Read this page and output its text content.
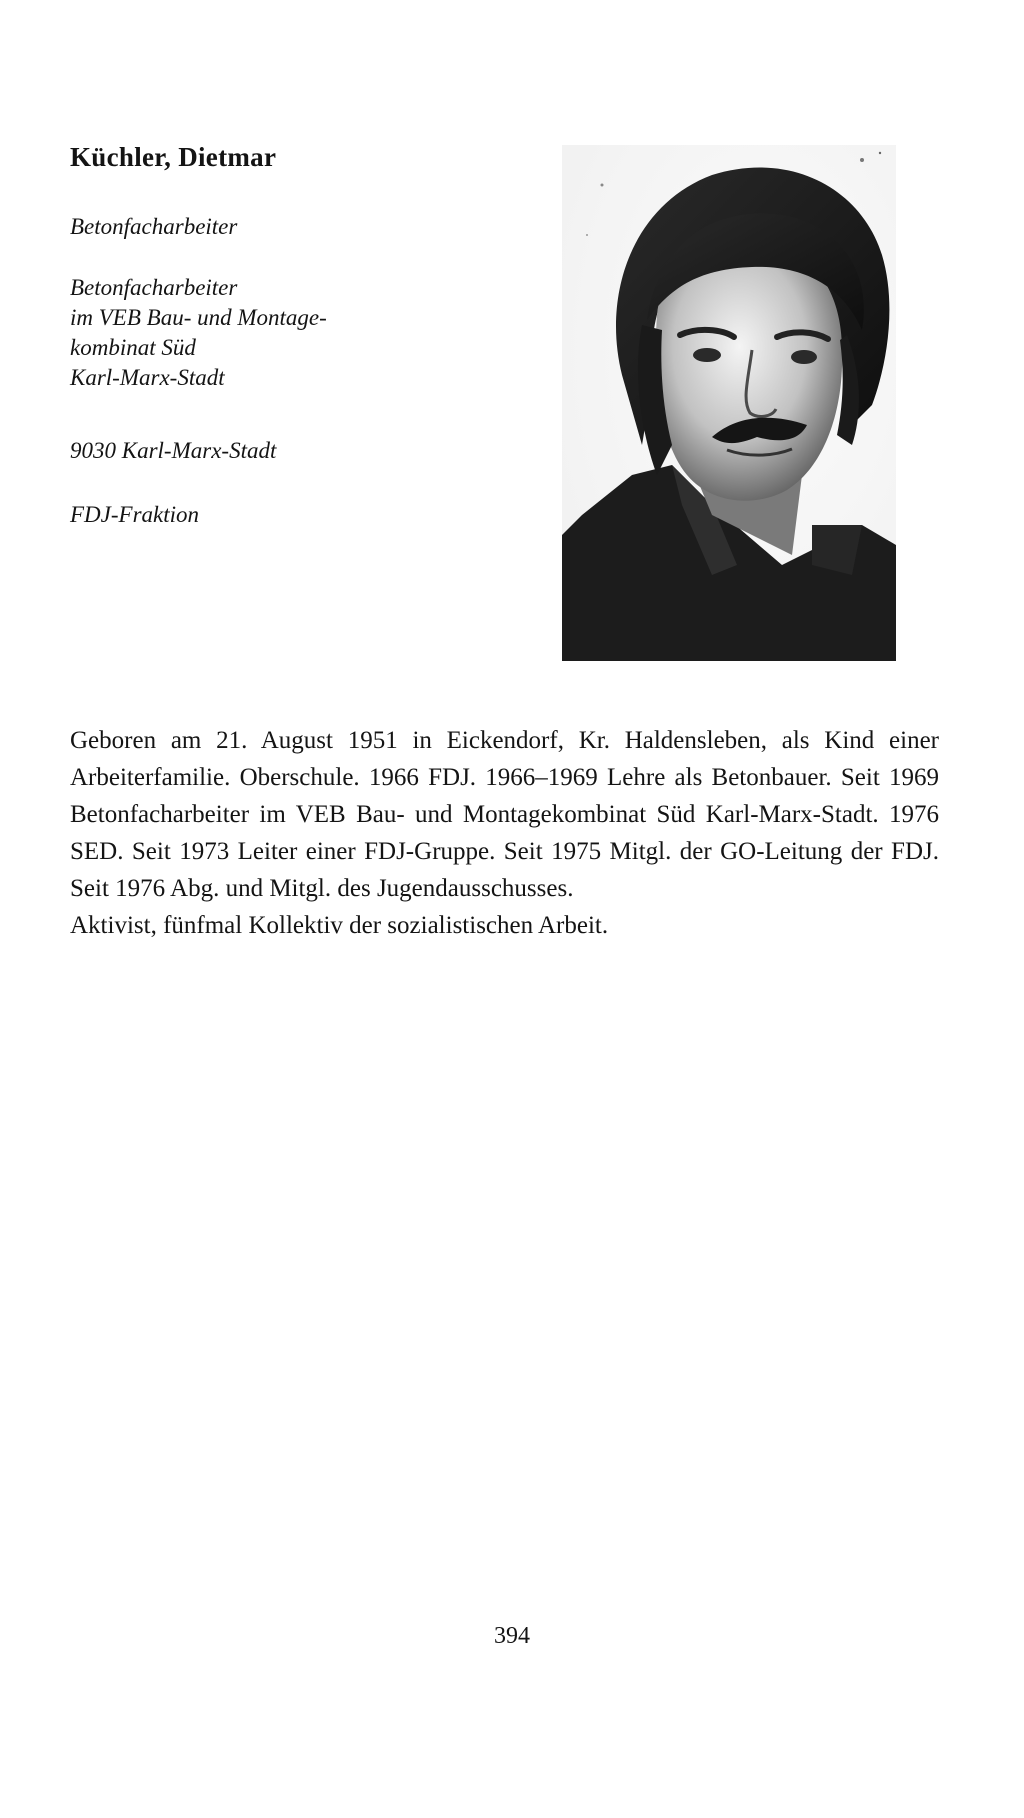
Küchler, Dietmar
Betonfacharbeiter
Betonfacharbeiter
im VEB Bau- und Montage-
kombinat Süd
Karl-Marx-Stadt
9030 Karl-Marx-Stadt
FDJ-Fraktion

Geboren am 21. August 1951 in Eickendorf, Kr. Haldensleben, als Kind einer Arbeiterfamilie. Oberschule. 1966 FDJ. 1966–1969 Lehre als Betonbauer. Seit 1969 Betonfacharbeiter im VEB Bau- und Montagekombinat Süd Karl-Marx-Stadt. 1976 SED. Seit 1973 Leiter einer FDJ-Gruppe. Seit 1975 Mitgl. der GO-Leitung der FDJ. Seit 1976 Abg. und Mitgl. des Jugendausschusses.

Aktivist, fünfmal Kollektiv der sozialistischen Arbeit.

394
